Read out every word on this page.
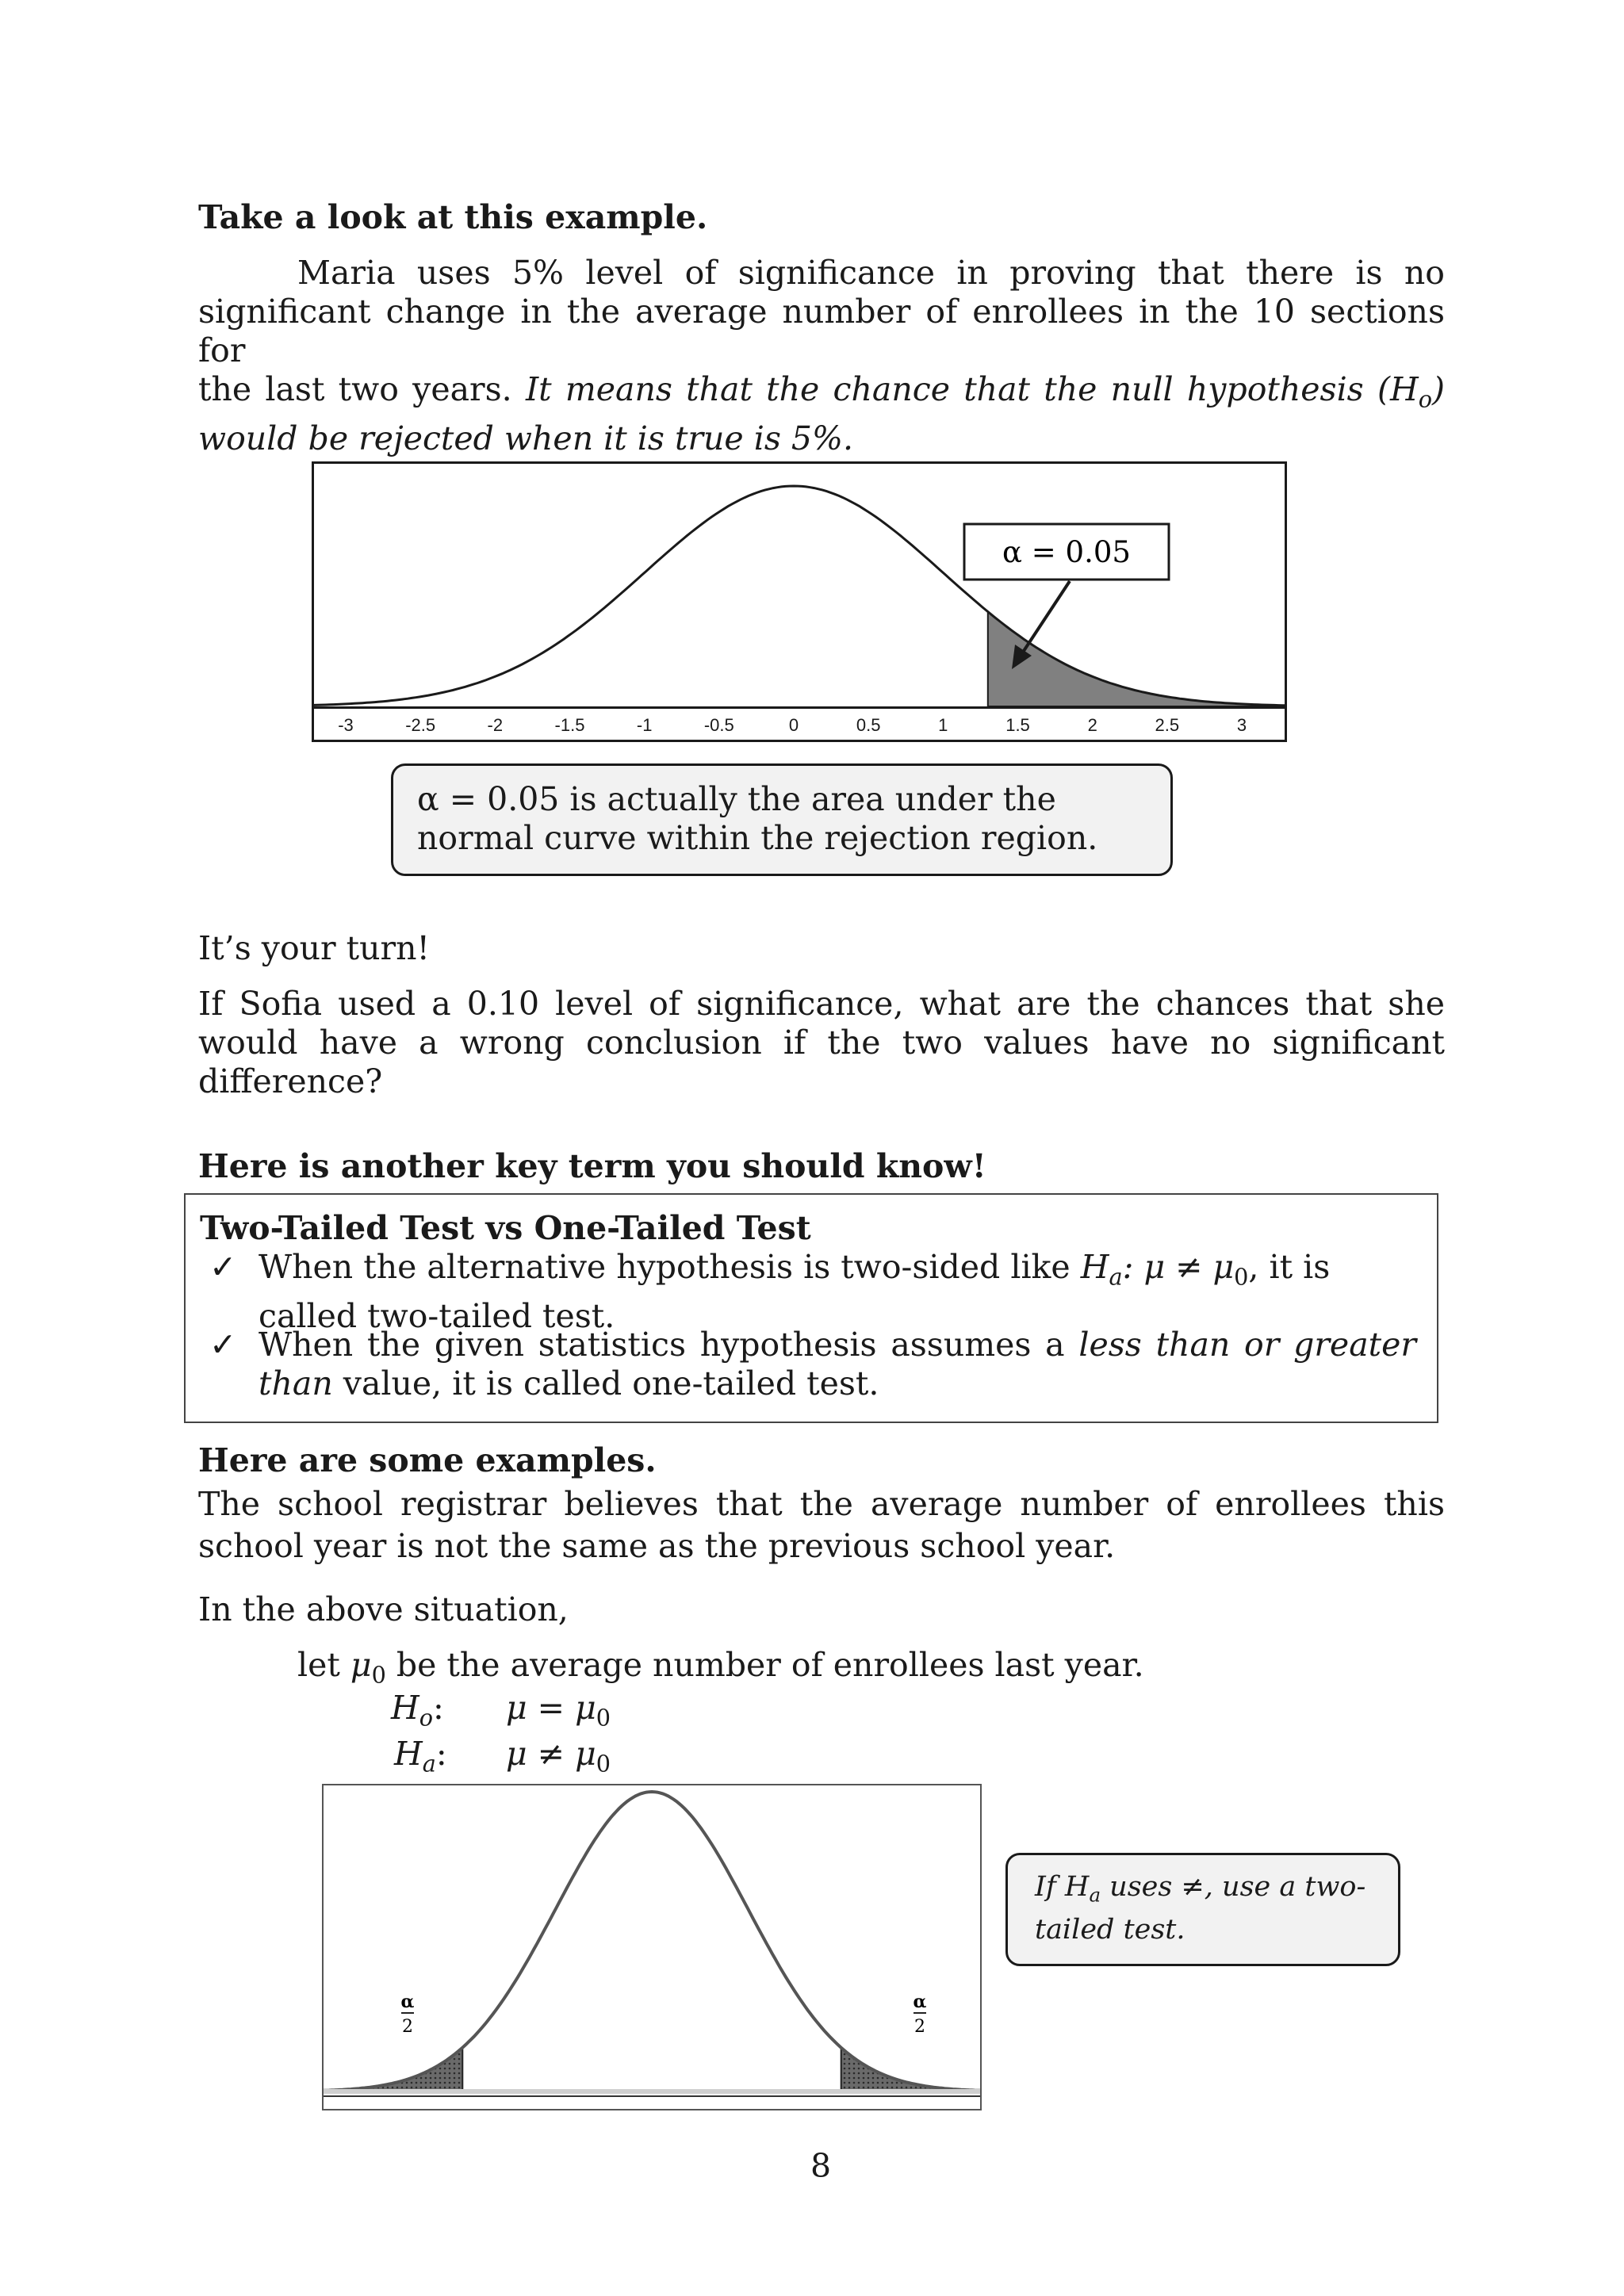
Take a look at this example.
Maria uses 5% level of significance in proving that there is no
significant change in the average number of enrollees in the 10 sections for
the last two years. It means that the chance that the null hypothesis $(H_o)$
would be rejected when it is true is 5%.
α = 0.05
-3	-2.5	-2	-1.5	-1	-0.5	0	0.5	1	1.5	2	2.5	3
α = 0.05 is actually the area under the
normal curve within the rejection region.
It’s your turn!
If Sofia used a 0.10 level of significance, what are the chances that she
would have a wrong conclusion if the two values have no significant
difference?
Here is another key term you should know!
Two-Tailed Test vs One-Tailed Test
✓ When the alternative hypothesis is two-sided like $H_a$: $\mu \ne \mu_0$, it is
called two-tailed test.
✓ When the given statistics hypothesis assumes a less than or greater
than value, it is called one-tailed test.
Here are some examples.
The school registrar believes that the average number of enrollees this
school year is not the same as the previous school year.
In the above situation,
let $\mu_0$ be the average number of enrollees last year.
$H_o$: $\mu = \mu_0$
$H_a$: $\mu \ne \mu_0$
α
2
α
2
If $H_a$ uses ≠, use a two-
tailed test.
8
